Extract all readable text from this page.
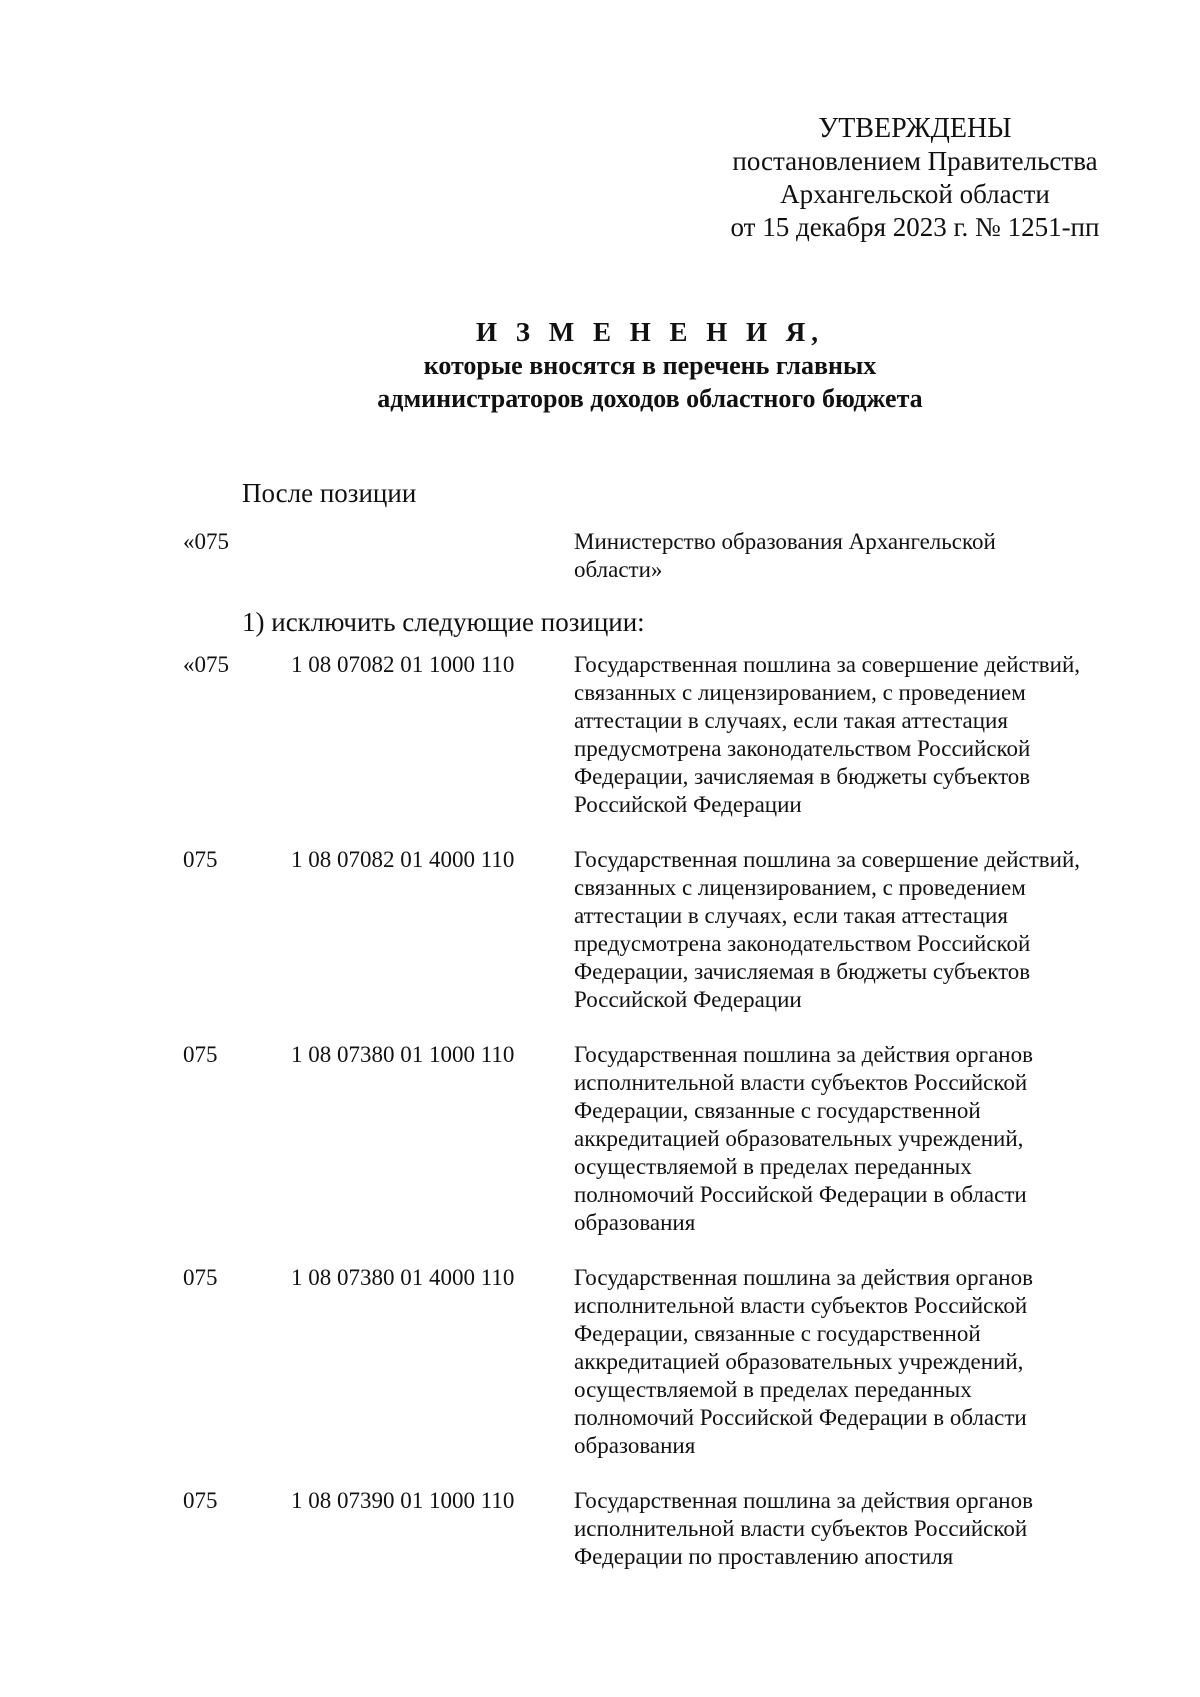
УТВЕРЖДЕНЫ
постановлением Правительства
Архангельской области
от 15 декабря 2023 г. № 1251-пп
И З М Е Н Е Н И Я,
которые вносятся в перечень главных
администраторов доходов областного бюджета
После позиции
«075	Министерство образования Архангельской
области»
1) исключить следующие позиции:
«075	1 08 07082 01 1000 110	Государственная пошлина за совершение действий,
связанных с лицензированием, с проведением
аттестации в случаях, если такая аттестация
предусмотрена законодательством Российской
Федерации, зачисляемая в бюджеты субъектов
Российской Федерации
075	1 08 07082 01 4000 110	Государственная пошлина за совершение действий,
связанных с лицензированием, с проведением
аттестации в случаях, если такая аттестация
предусмотрена законодательством Российской
Федерации, зачисляемая в бюджеты субъектов
Российской Федерации
075	1 08 07380 01 1000 110	Государственная пошлина за действия органов
исполнительной власти субъектов Российской
Федерации, связанные с государственной
аккредитацией образовательных учреждений,
осуществляемой в пределах переданных
полномочий Российской Федерации в области
образования
075	1 08 07380 01 4000 110	Государственная пошлина за действия органов
исполнительной власти субъектов Российской
Федерации, связанные с государственной
аккредитацией образовательных учреждений,
осуществляемой в пределах переданных
полномочий Российской Федерации в области
образования
075	1 08 07390 01 1000 110	Государственная пошлина за действия органов
исполнительной власти субъектов Российской
Федерации по проставлению апостиля
